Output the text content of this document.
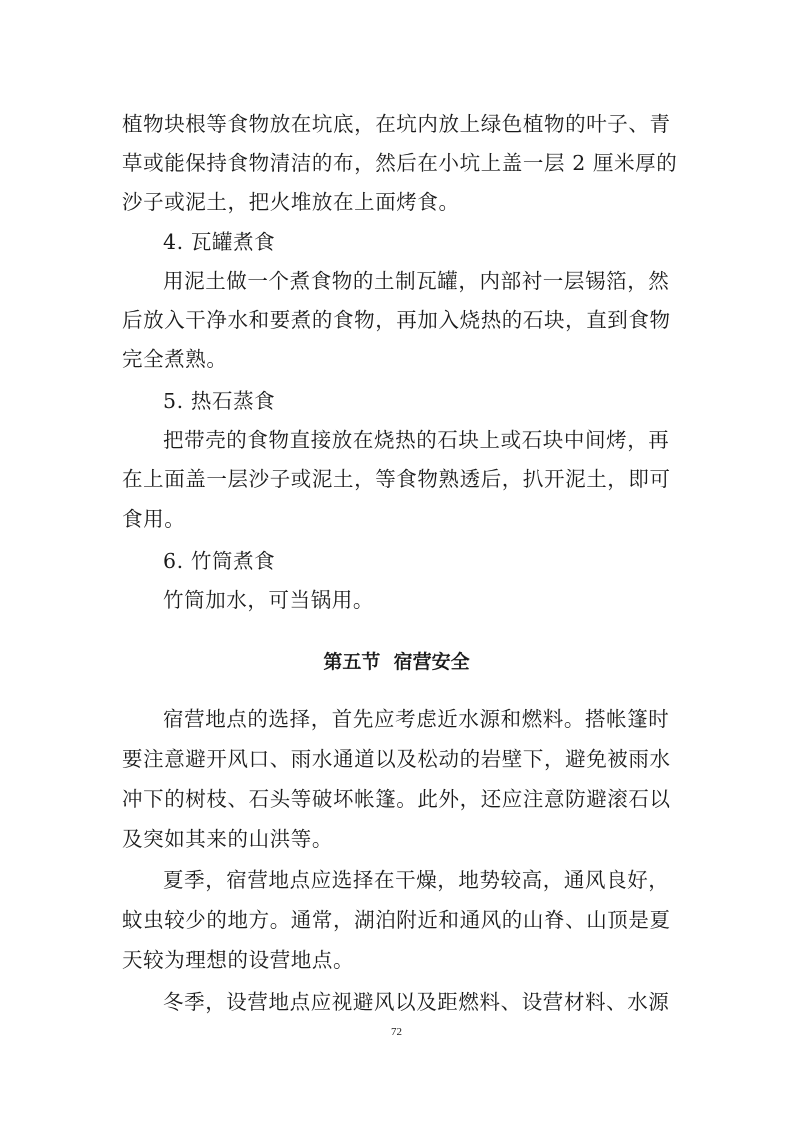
植物块根等食物放在坑底，在坑内放上绿色植物的叶子、青
草或能保持食物清洁的布，然后在小坑上盖一层 2 厘米厚的
沙子或泥土，把火堆放在上面烤食。
4. 瓦罐煮食
用泥土做一个煮食物的土制瓦罐，内部衬一层锡箔，然
后放入干净水和要煮的食物，再加入烧热的石块，直到食物
完全煮熟。
5. 热石蒸食
把带壳的食物直接放在烧热的石块上或石块中间烤，再
在上面盖一层沙子或泥土，等食物熟透后，扒开泥土，即可
食用。
6. 竹筒煮食
竹筒加水，可当锅用。
第五节  宿营安全
宿营地点的选择，首先应考虑近水源和燃料。搭帐篷时
要注意避开风口、雨水通道以及松动的岩壁下，避免被雨水
冲下的树枝、石头等破坏帐篷。此外，还应注意防避滚石以
及突如其来的山洪等。
夏季，宿营地点应选择在干燥，地势较高，通风良好，
蚊虫较少的地方。通常，湖泊附近和通风的山脊、山顶是夏
天较为理想的设营地点。
冬季，设营地点应视避风以及距燃料、设营材料、水源
72
